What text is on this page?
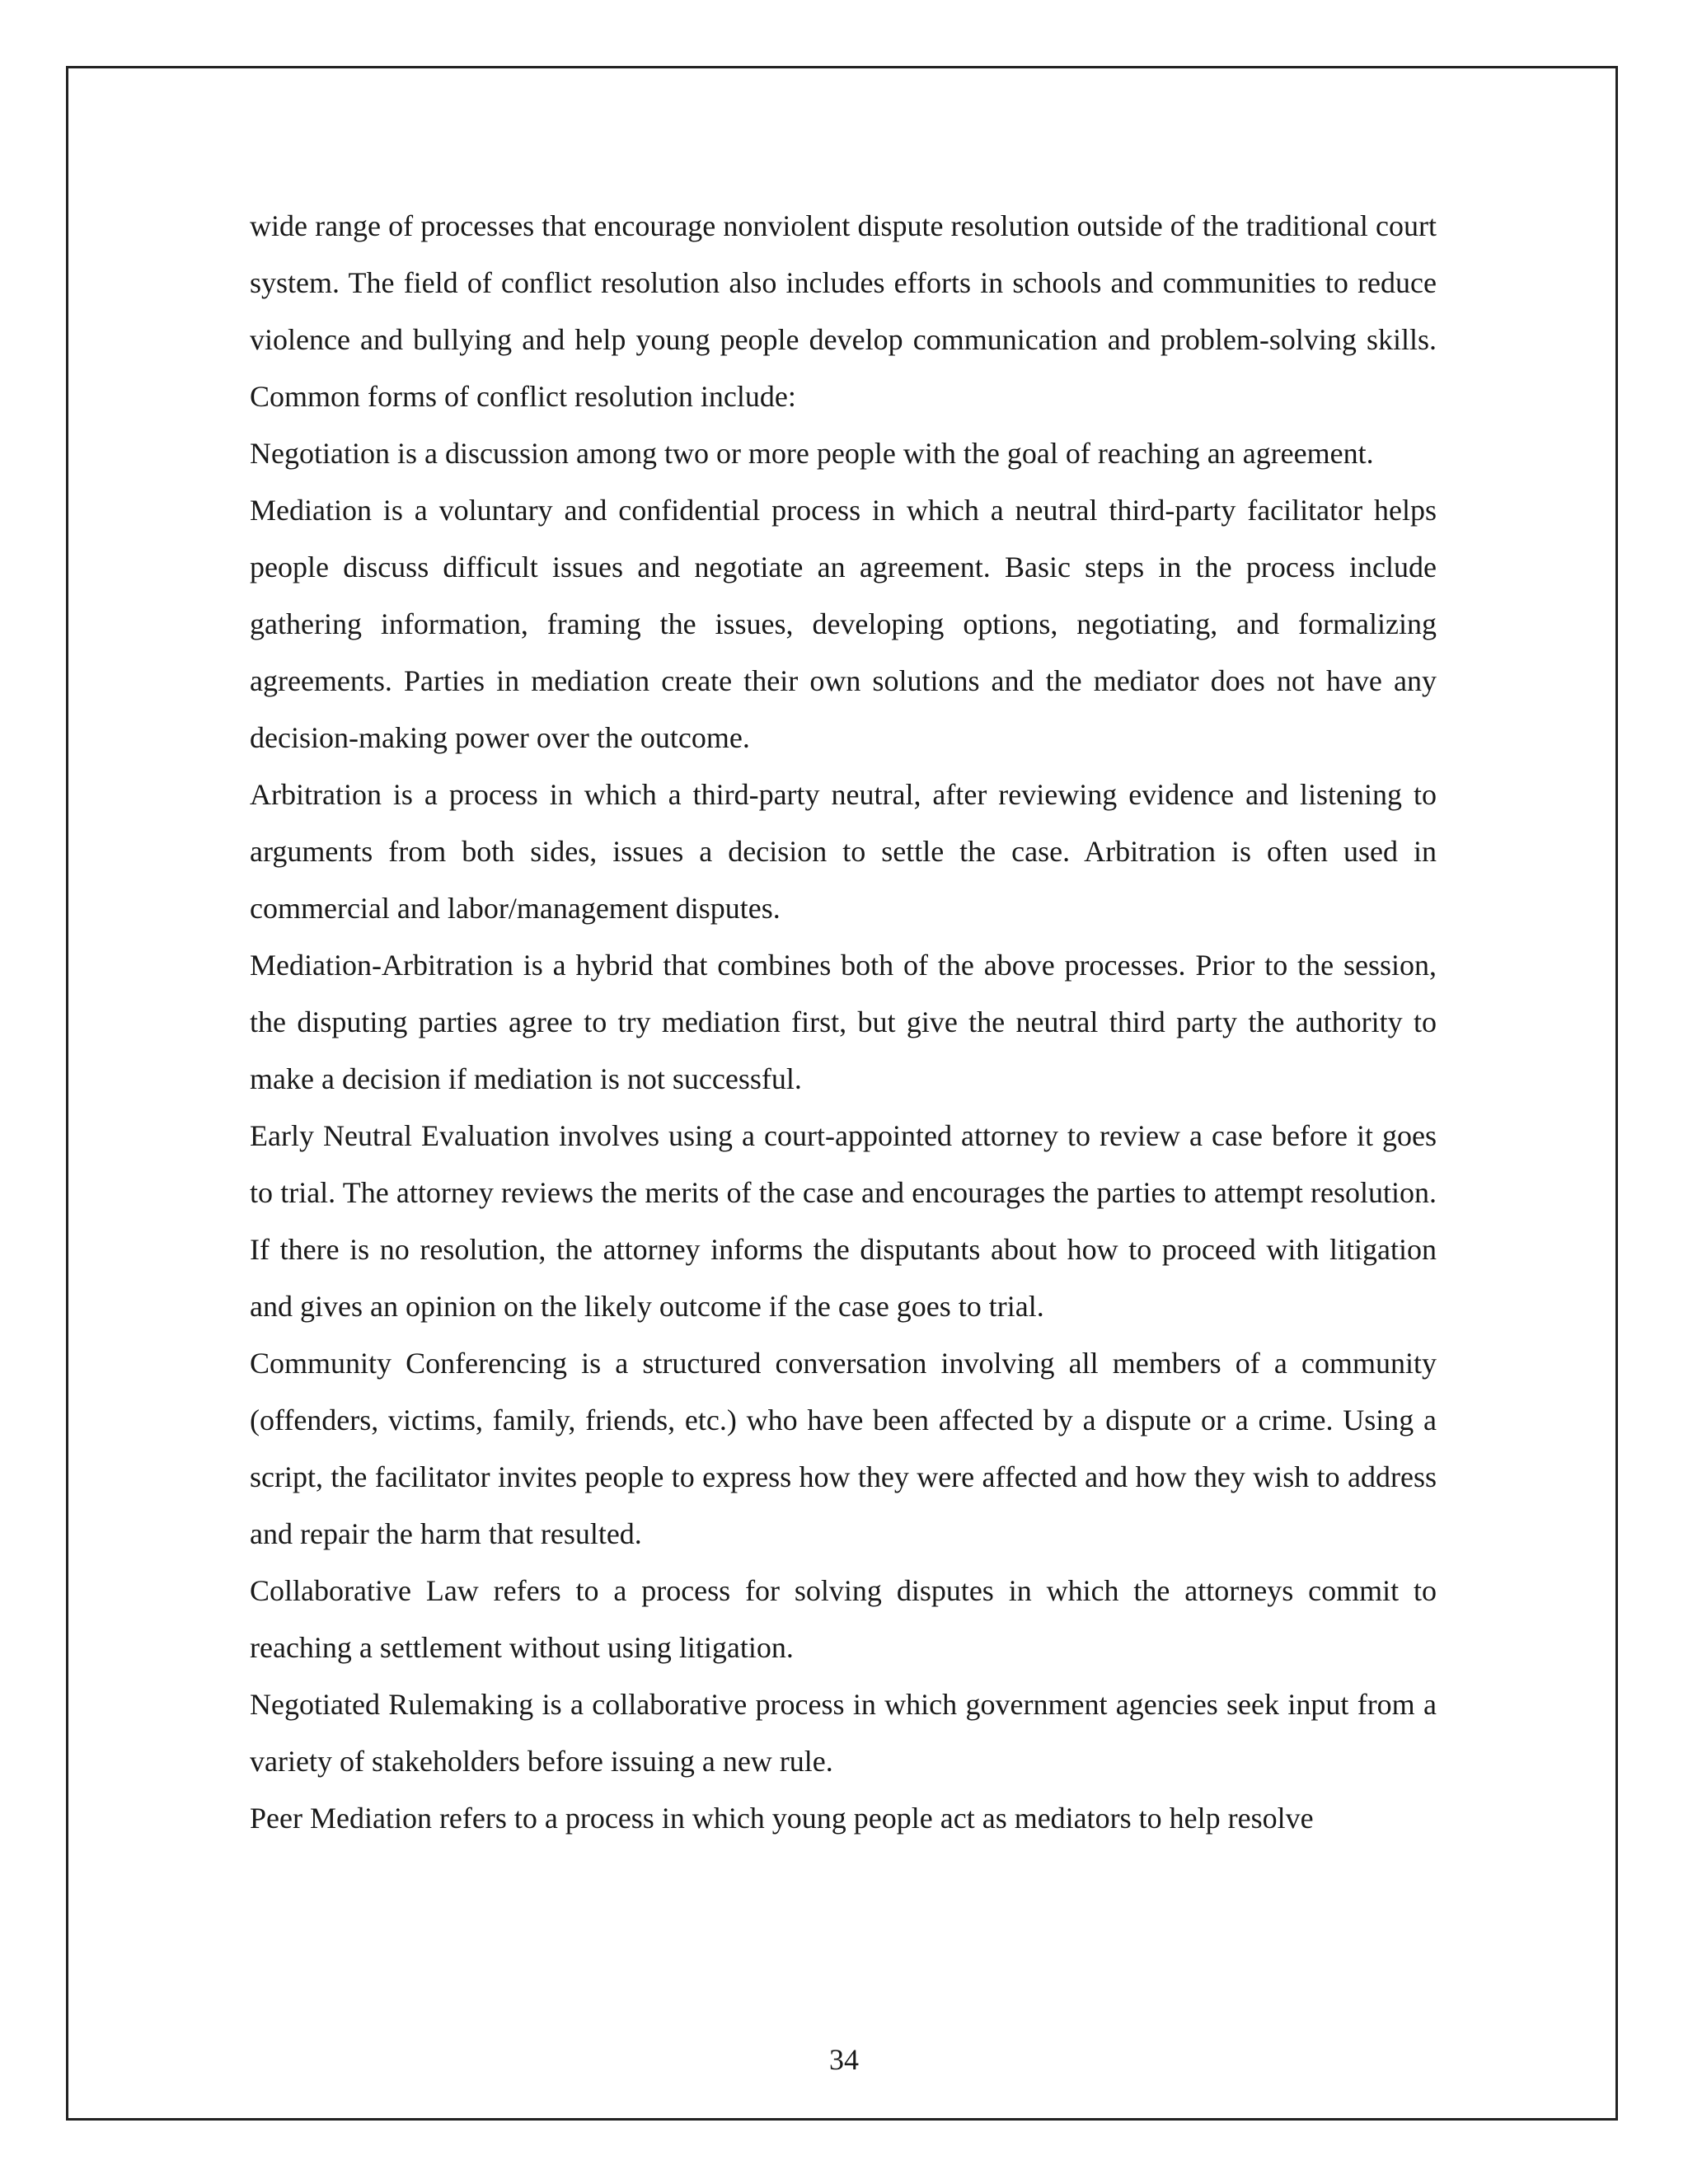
wide range of processes that encourage nonviolent dispute resolution outside of the traditional court system. The field of conflict resolution also includes efforts in schools and communities to reduce violence and bullying and help young people develop communication and problem-solving skills. Common forms of conflict resolution include:

Negotiation is a discussion among two or more people with the goal of reaching an agreement.

Mediation is a voluntary and confidential process in which a neutral third-party facilitator helps people discuss difficult issues and negotiate an agreement. Basic steps in the process include gathering information, framing the issues, developing options, negotiating, and formalizing agreements. Parties in mediation create their own solutions and the mediator does not have any decision-making power over the outcome.

Arbitration is a process in which a third-party neutral, after reviewing evidence and listening to arguments from both sides, issues a decision to settle the case. Arbitration is often used in commercial and labor/management disputes.

Mediation-Arbitration is a hybrid that combines both of the above processes. Prior to the session, the disputing parties agree to try mediation first, but give the neutral third party the authority to make a decision if mediation is not successful.

Early Neutral Evaluation involves using a court-appointed attorney to review a case before it goes to trial. The attorney reviews the merits of the case and encourages the parties to attempt resolution. If there is no resolution, the attorney informs the disputants about how to proceed with litigation and gives an opinion on the likely outcome if the case goes to trial.

Community Conferencing is a structured conversation involving all members of a community (offenders, victims, family, friends, etc.) who have been affected by a dispute or a crime. Using a script, the facilitator invites people to express how they were affected and how they wish to address and repair the harm that resulted.

Collaborative Law refers to a process for solving disputes in which the attorneys commit to reaching a settlement without using litigation.

Negotiated Rulemaking is a collaborative process in which government agencies seek input from a variety of stakeholders before issuing a new rule.

Peer Mediation refers to a process in which young people act as mediators to help resolve

34
